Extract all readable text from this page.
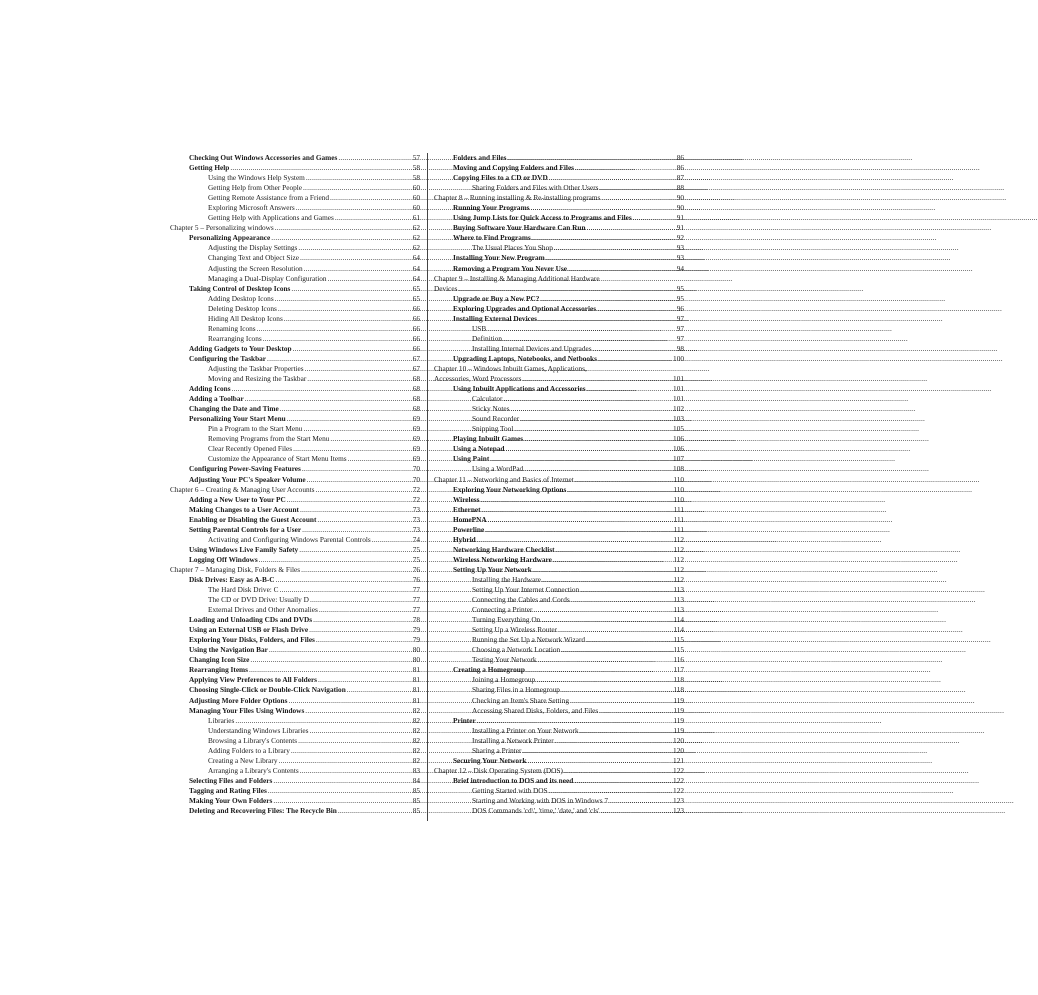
Checking Out Windows Accessories and Games .....	57
Getting Help .....	58
Using the Windows Help System .....	58
Getting Help from Other People .....	60
Getting Remote Assistance from a Friend .....	60
Exploring Microsoft Answers .....	60
Getting Help with Applications and Games .....	61
Chapter 5 – Personalizing windows .....	62
Personalizing Appearance .....	62
Adjusting the Display Settings .....	62
Changing Text and Object Size .....	64
Adjusting the Screen Resolution .....	64
Managing a Dual-Display Configuration .....	64
Taking Control of Desktop Icons .....	65
Adding Desktop Icons .....	65
Deleting Desktop Icons .....	66
Hiding All Desktop Icons .....	66
Renaming Icons .....	66
Rearranging Icons .....	66
Adding Gadgets to Your Desktop .....	66
Configuring the Taskbar .....	67
Adjusting the Taskbar Properties .....	67
Moving and Resizing the Taskbar .....	68
Adding Icons .....	68
Adding a Toolbar .....	68
Changing the Date and Time .....	68
Personalizing Your Start Menu .....	69
Pin a Program to the Start Menu .....	69
Removing Programs from the Start Menu .....	69
Clear Recently Opened Files .....	69
Customize the Appearance of Start Menu Items .....	69
Configuring Power-Saving Features .....	70
Adjusting Your PC's Speaker Volume .....	70
Chapter 6 – Creating & Managing User Accounts .....	72
Adding a New User to Your PC .....	72
Making Changes to a User Account .....	73
Enabling or Disabling the Guest Account .....	73
Setting Parental Controls for a User .....	73
Activating and Configuring Windows Parental Controls .....	74
Using Windows Live Family Safety .....	75
Logging Off Windows .....	75
Chapter 7 – Managing Disk, Folders & Files .....	76
Disk Drives: Easy as A-B-C .....	76
The Hard Disk Drive: C .....	77
The CD or DVD Drive: Usually D .....	77
External Drives and Other Anomalies .....	77
Loading and Unloading CDs and DVDs .....	78
Using an External USB or Flash Drive .....	79
Exploring Your Disks, Folders, and Files .....	79
Using the Navigation Bar .....	80
Changing Icon Size .....	80
Rearranging Items .....	81
Applying View Preferences to All Folders .....	81
Choosing Single-Click or Double-Click Navigation .....	81
Adjusting More Folder Options .....	81
Managing Your Files Using Windows .....	82
Libraries .....	82
Understanding Windows Libraries .....	82
Browsing a Library's Contents .....	82
Adding Folders to a Library .....	82
Creating a New Library .....	82
Arranging a Library's Contents .....	83
Selecting Files and Folders .....	84
Tagging and Rating Files .....	85
Making Your Own Folders .....	85
Deleting and Recovering Files: The Recycle Bin .....	85
Folders and Files .....	86
Moving and Copying Folders and Files .....	86
Copying Files to a CD or DVD .....	87
Sharing Folders and Files with Other Users .....	88
Chapter 8 – Running installing & Re-installing programs .....	90
Running Your Programs .....	90
Using Jump Lists for Quick Access to Programs and Files .....	91
Buying Software Your Hardware Can Run .....	91
Where to Find Programs .....	92
The Usual Places You Shop .....	93
Installing Your New Program .....	93
Removing a Program You Never Use .....	94
Chapter 9 – Installing & Managing Additional Hardware
Devices .....	95
Upgrade or Buy a New PC? .....	95
Exploring Upgrades and Optional Accessories .....	96
Installing External Devices .....	97
USB .....	97
Definition .....	97
Installing Internal Devices and Upgrades .....	98
Upgrading Laptops, Notebooks, and Netbooks .....	100
Chapter 10 – Windows Inbuilt Games, Applications,
Accessories, Word Processors .....	101
Using Inbuilt Applications and Accessories .....	101
Calculator .....	101
Sticky Notes .....	102
Sound Recorder .....	103
Snipping Tool .....	105
Playing Inbuilt Games .....	106
Using a Notepad .....	106
Using Paint .....	107
Using a WordPad .....	108
Chapter 11 – Networking and Basics of Internet .....	110
Exploring Your Networking Options .....	110
Wireless .....	110
Ethernet .....	111
HomePNA .....	111
Powerline .....	111
Hybrid .....	112
Networking Hardware Checklist .....	112
Wireless Networking Hardware .....	112
Setting Up Your Network .....	112
Installing the Hardware .....	112
Setting Up Your Internet Connection .....	113
Connecting the Cables and Cords .....	113
Connecting a Printer .....	113
Turning Everything On .....	114
Setting Up a Wireless Router .....	114
Running the Set Up a Network Wizard .....	115
Choosing a Network Location .....	115
Testing Your Network .....	116
Creating a Homegroup .....	117
Joining a Homegroup .....	118
Sharing Files in a Homegroup .....	118
Checking an Item's Share Setting .....	119
Accessing Shared Disks, Folders, and Files .....	119
Printer .....	119
Installing a Printer on Your Network .....	119
Installing a Network Printer .....	120
Sharing a Printer .....	120
Securing Your Network .....	121
Chapter 12 – Disk Operating System (DOS) .....	122
Brief introduction to DOS and its need .....	122
Getting Started with DOS .....	122
Starting and Working with DOS in Windows 7 .....	123
DOS Commands 'cd\', 'time,' 'date,' and 'cls' .....	123
